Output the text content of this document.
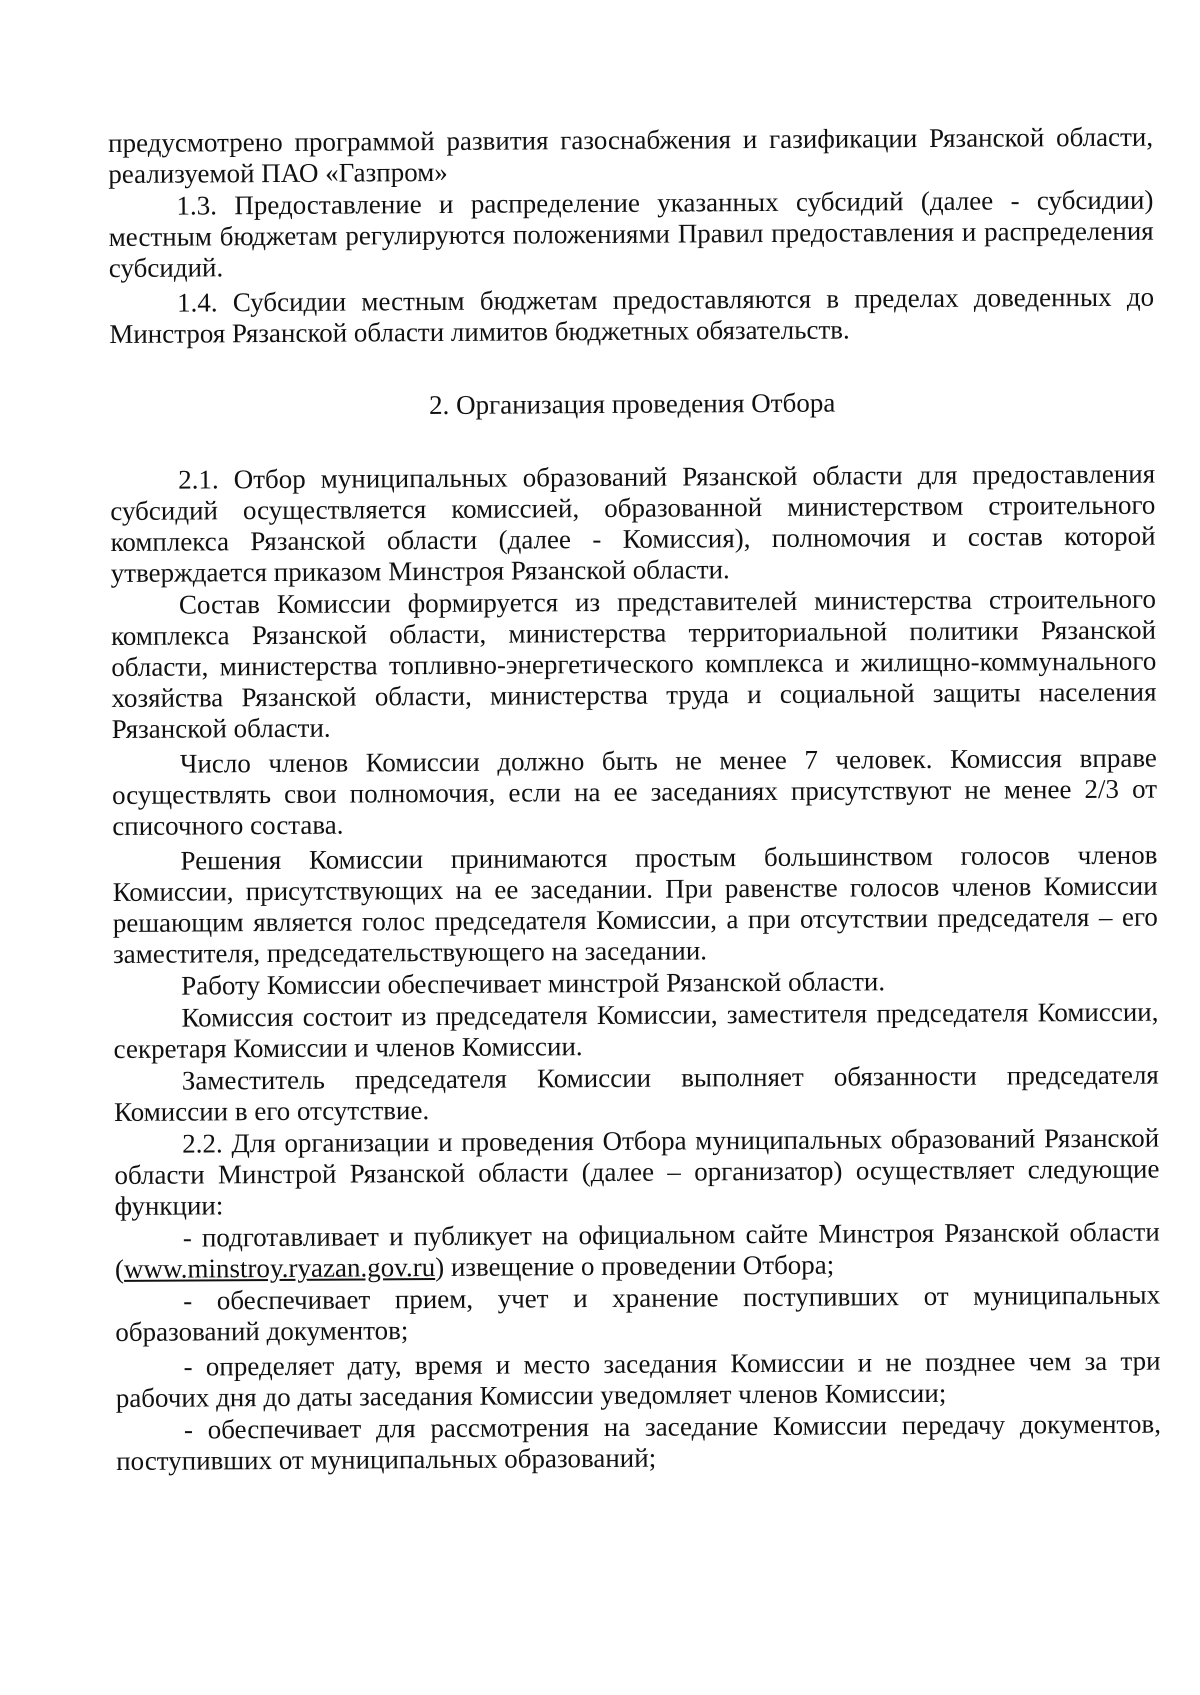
предусмотрено программой развития газоснабжения и газификации Рязанской области, реализуемой ПАО «Газпром»

1.3. Предоставление и распределение указанных субсидий (далее - субсидии) местным бюджетам регулируются положениями Правил предоставления и распределения субсидий.

1.4. Субсидии местным бюджетам предоставляются в пределах доведенных до Минстроя Рязанской области лимитов бюджетных обязательств.

2. Организация проведения Отбора

2.1. Отбор муниципальных образований Рязанской области для предоставления субсидий осуществляется комиссией, образованной министерством строительного комплекса Рязанской области (далее - Комиссия), полномочия и состав которой утверждается приказом Минстроя Рязанской области.

Состав Комиссии формируется из представителей министерства строительного комплекса Рязанской области, министерства территориальной политики Рязанской области, министерства топливно-энергетического комплекса и жилищно-коммунального хозяйства Рязанской области, министерства труда и социальной защиты населения Рязанской области.

Число членов Комиссии должно быть не менее 7 человек. Комиссия вправе осуществлять свои полномочия, если на ее заседаниях присутствуют не менее 2/3 от списочного состава.

Решения Комиссии принимаются простым большинством голосов членов Комиссии, присутствующих на ее заседании. При равенстве голосов членов Комиссии решающим является голос председателя Комиссии, а при отсутствии председателя – его заместителя, председательствующего на заседании.

Работу Комиссии обеспечивает минстрой Рязанской области.

Комиссия состоит из председателя Комиссии, заместителя председателя Комиссии, секретаря Комиссии и членов Комиссии.

Заместитель председателя Комиссии выполняет обязанности председателя Комиссии в его отсутствие.

2.2. Для организации и проведения Отбора муниципальных образований Рязанской области Минстрой Рязанской области (далее – организатор) осуществляет следующие функции:

- подготавливает и публикует на официальном сайте Минстроя Рязанской области (www.minstroy.ryazan.gov.ru) извещение о проведении Отбора;

- обеспечивает прием, учет и хранение поступивших от муниципальных образований документов;

- определяет дату, время и место заседания Комиссии и не позднее чем за три рабочих дня до даты заседания Комиссии уведомляет членов Комиссии;

- обеспечивает для рассмотрения на заседание Комиссии передачу документов, поступивших от муниципальных образований;
